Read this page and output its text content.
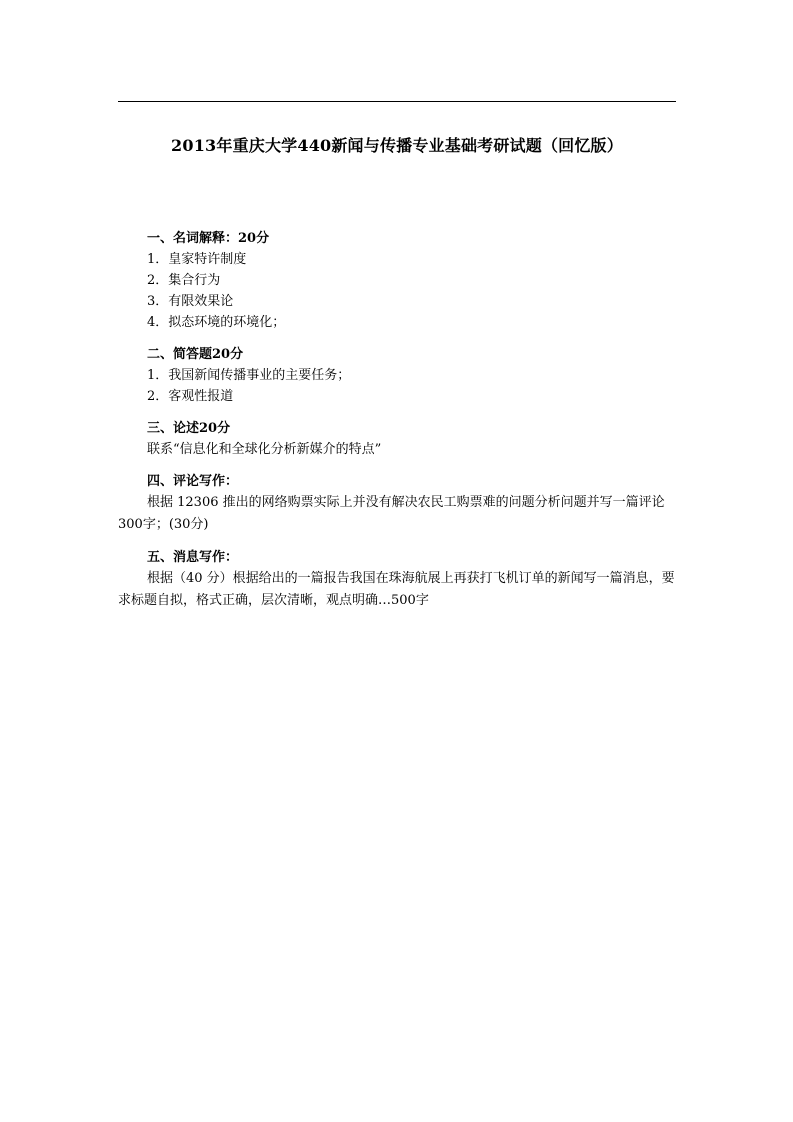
2013年重庆大学440新闻与传播专业基础考研试题（回忆版）
一、名词解释：20分
1．皇家特许制度
2．集合行为
3．有限效果论
4．拟态环境的环境化；
二、简答题20分
1．我国新闻传播事业的主要任务；
2．客观性报道
三、论述20分
联系“信息化和全球化分析新媒介的特点”
四、评论写作：
根据 12306 推出的网络购票实际上并没有解决农民工购票难的问题分析问题并写一篇评论300字；(30分)
五、消息写作：
根据（40 分）根据给出的一篇报告我国在珠海航展上再获打飞机订单的新闻写一篇消息，要求标题自拟，格式正确，层次清晰，观点明确…500字
